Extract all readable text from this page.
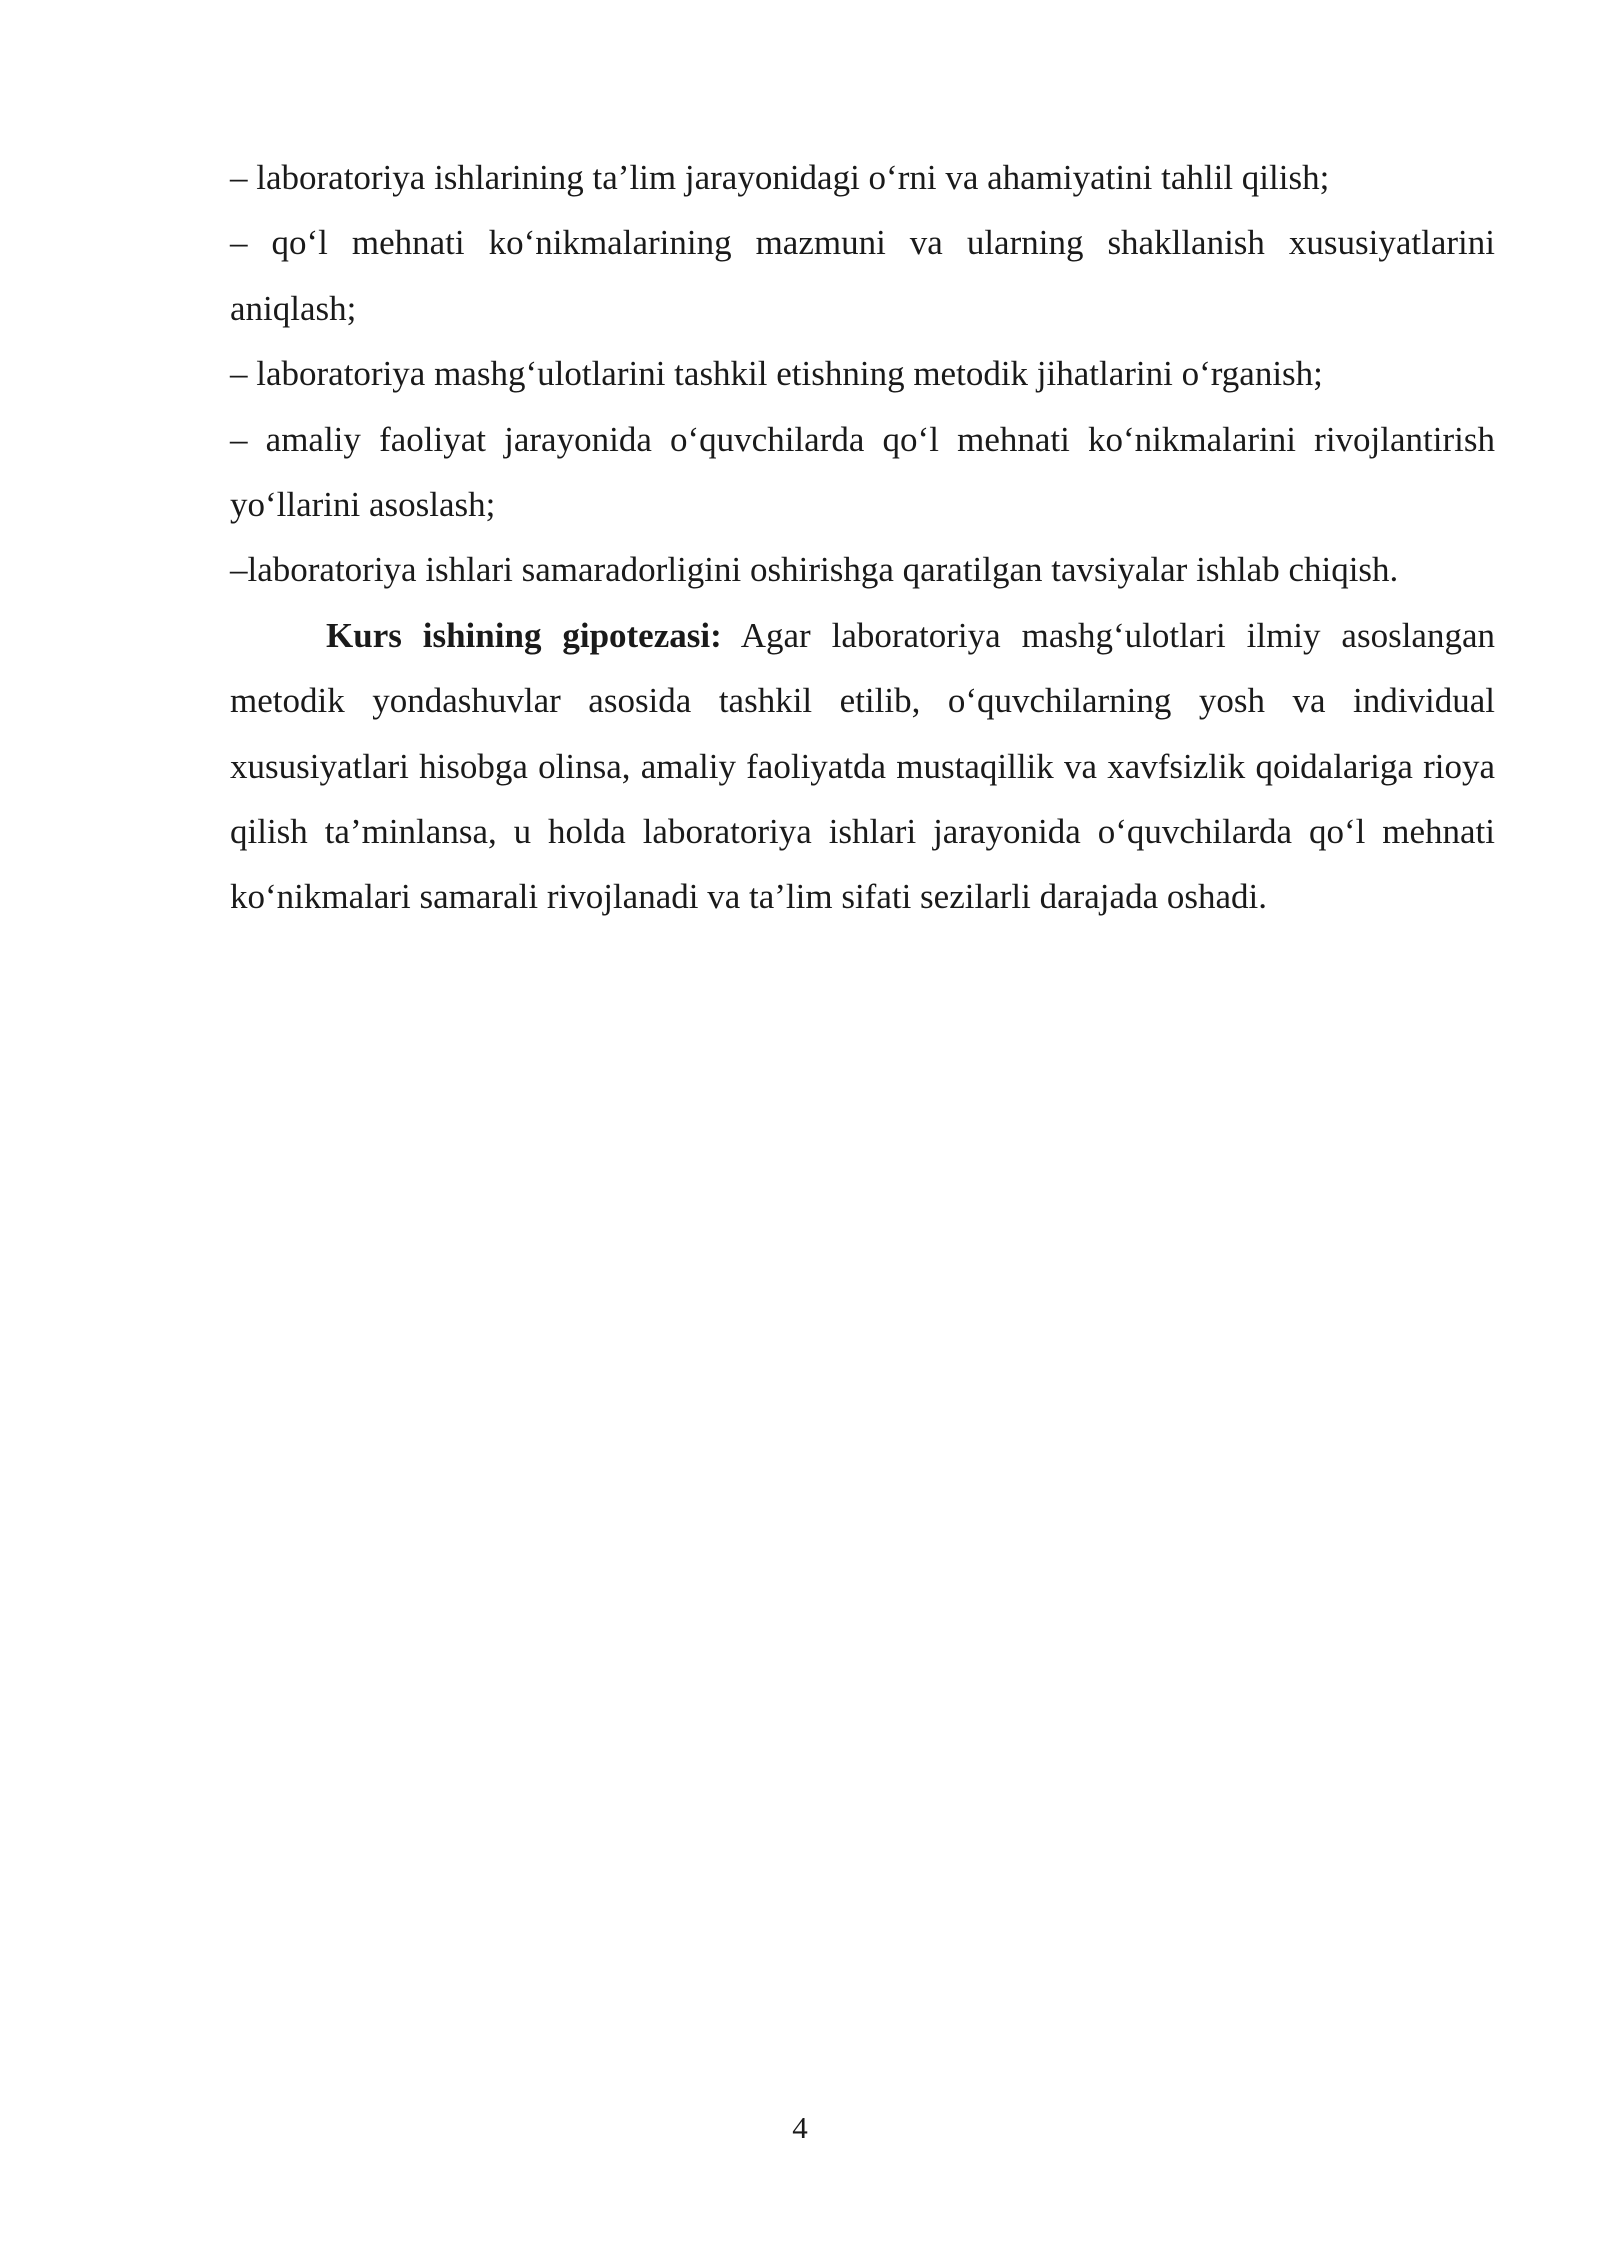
– laboratoriya ishlarining ta’lim jarayonidagi o‘rni va ahamiyatini tahlil qilish;

– qo‘l mehnati ko‘nikmalarining mazmuni va ularning shakllanish xususiyatlarini aniqlash;

– laboratoriya mashg‘ulotlarini tashkil etishning metodik jihatlarini o‘rganish;

– amaliy faoliyat jarayonida o‘quvchilarda qo‘l mehnati ko‘nikmalarini rivojlantirish yo‘llarini asoslash;

–laboratoriya ishlari samaradorligini oshirishga qaratilgan tavsiyalar ishlab chiqish.

Kurs ishining gipotezasi: Agar laboratoriya mashg‘ulotlari ilmiy asoslangan metodik yondashuvlar asosida tashkil etilib, o‘quvchilarning yosh va individual xususiyatlari hisobga olinsa, amaliy faoliyatda mustaqillik va xavfsizlik qoidalariga rioya qilish ta’minlansa, u holda laboratoriya ishlari jarayonida o‘quvchilarda qo‘l mehnati ko‘nikmalari samarali rivojlanadi va ta’lim sifati sezilarli darajada oshadi.

4
